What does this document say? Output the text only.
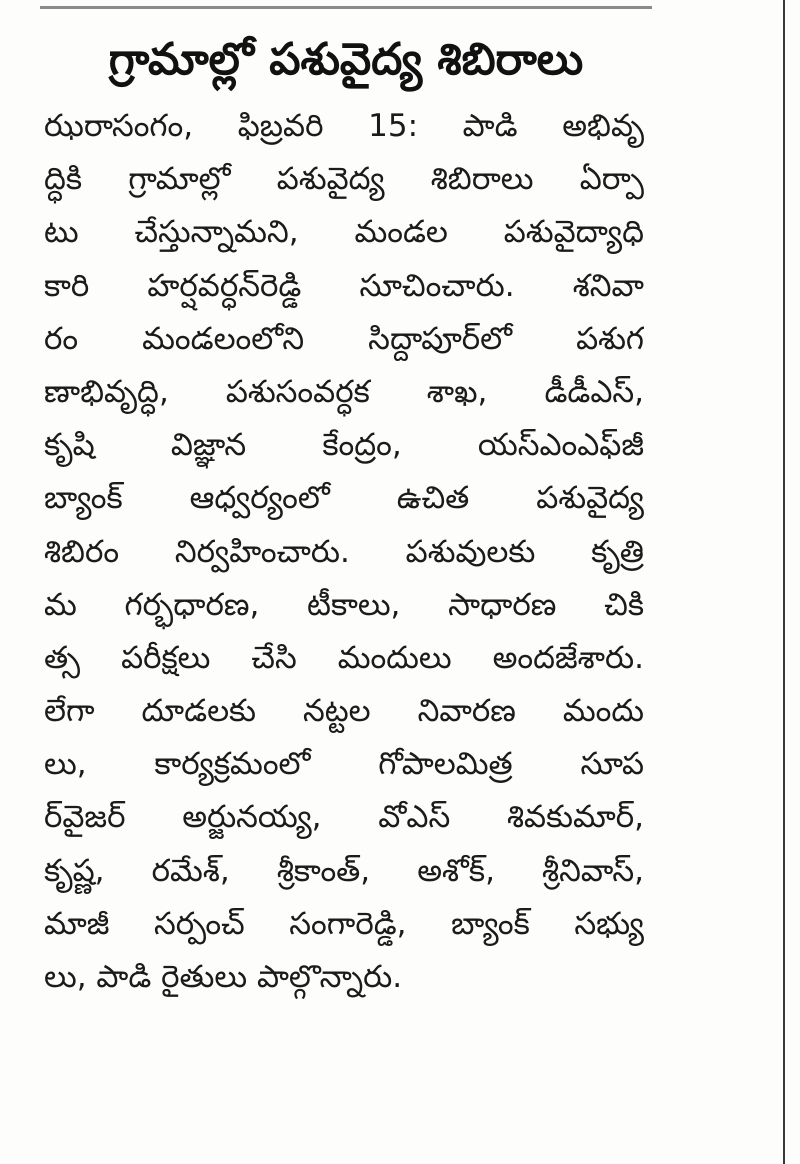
గ్రామాల్లో పశువైద్య శిబిరాలు
ఝరాసంగం, ఫిబ్రవరి 15: పాడి అభివృ
ద్ధికి గ్రామాల్లో పశువైద్య శిబిరాలు ఏర్పా
టు చేస్తున్నామని, మండల పశువైద్యాధి
కారి హర్షవర్ధన్‌రెడ్డి సూచించారు. శనివా
రం మండలంలోని సిద్దాపూర్‌లో పశుగ
ణాభివృద్ధి, పశుసంవర్ధక శాఖ, డీడీఎస్,
కృషి విజ్ఞాన కేంద్రం, యస్‌ఎంఎఫ్‌జీ
బ్యాంక్ ఆధ్వర్యంలో ఉచిత పశువైద్య
శిబిరం నిర్వహించారు. పశువులకు కృత్రి
మ గర్భధారణ, టీకాలు, సాధారణ చికి
త్స పరీక్షలు చేసి మందులు అందజేశారు.
లేగా దూడలకు నట్టల నివారణ మందు
లు, కార్యక్రమంలో గోపాలమిత్ర సూప
ర్‌వైజర్ అర్జునయ్య, వోఎస్ శివకుమార్,
కృష్ణ, రమేశ్, శ్రీకాంత్, అశోక్, శ్రీనివాస్,
మాజీ సర్పంచ్ సంగారెడ్డి, బ్యాంక్ సభ్యు
లు, పాడి రైతులు పాల్గొన్నారు.
